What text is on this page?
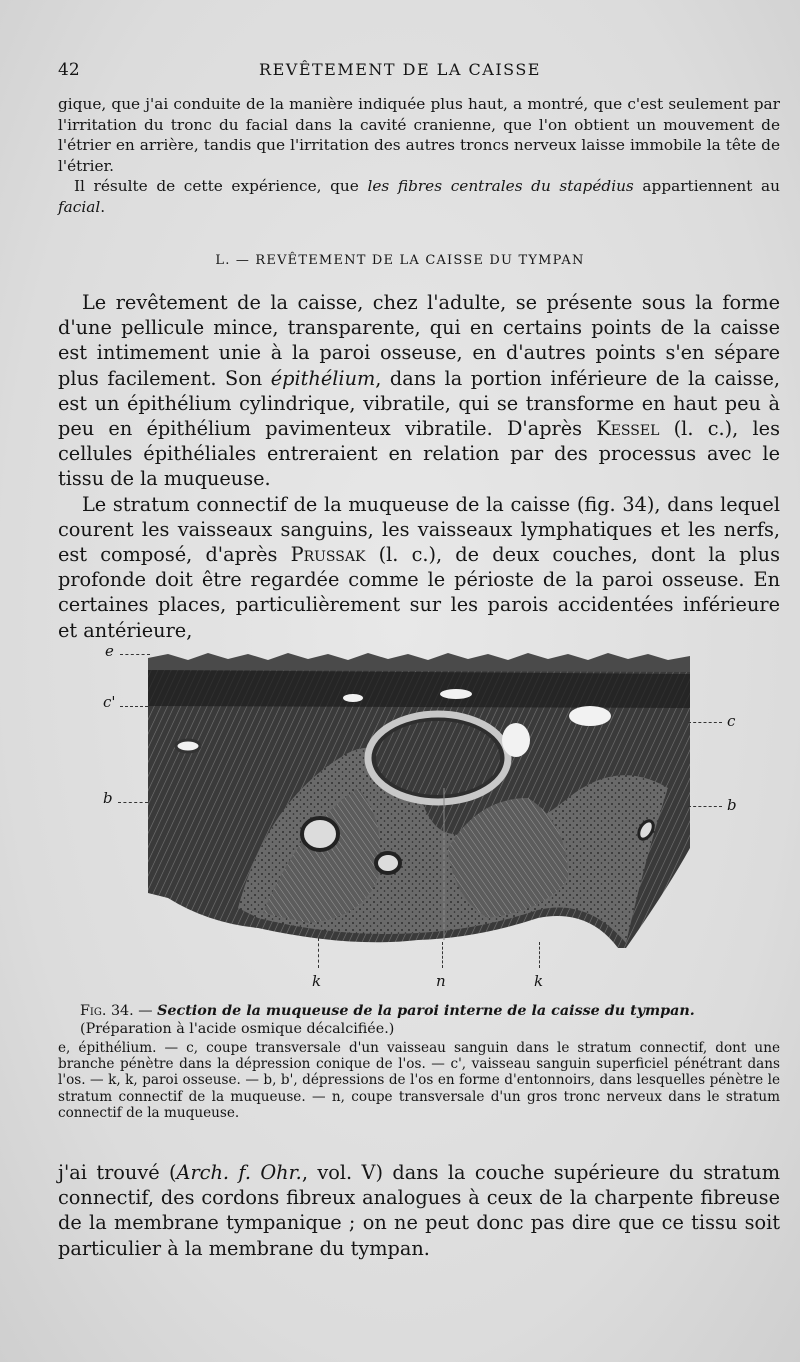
42	REVÊTEMENT DE LA CAISSE

gique, que j'ai conduite de la manière indiquée plus haut, a montré, que c'est seulement par l'irritation du tronc du facial dans la cavité cranienne, que l'on obtient un mouvement de l'étrier en arrière, tandis que l'irritation des autres troncs nerveux laisse immobile la tête de l'étrier.

Il résulte de cette expérience, que les fibres centrales du stapédius appartiennent au facial.

L. — REVÊTEMENT DE LA CAISSE DU TYMPAN

Le revêtement de la caisse, chez l'adulte, se présente sous la forme d'une pellicule mince, transparente, qui en certains points de la caisse est intimement unie à la paroi osseuse, en d'autres points s'en sépare plus facilement. Son épithélium, dans la portion inférieure de la caisse, est un épithélium cylindrique, vibratile, qui se transforme en haut peu à peu en épithélium pavimenteux vibratile. D'après Kessel (l. c.), les cellules épithéliales entreraient en relation par des processus avec le tissu de la muqueuse.

Le stratum connectif de la muqueuse de la caisse (fig. 34), dans lequel courent les vaisseaux sanguins, les vaisseaux lymphatiques et les nerfs, est composé, d'après Prussak (l. c.), de deux couches, dont la plus profonde doit être regardée comme le périoste de la paroi osseuse. En certaines places, particulièrement sur les parois accidentées inférieure et antérieure,

e
c'
c
b	b
k	n	k
Fig. 34. — Section de la muqueuse de la paroi interne de la caisse du tympan. (Préparation à l'acide osmique décalcifiée.)

e, épithélium. — c, coupe transversale d'un vaisseau sanguin dans le stratum connectif, dont une branche pénètre dans la dépression conique de l'os. — c', vaisseau sanguin superficiel pénétrant dans l'os. — k, k, paroi osseuse. — b, b', dépressions de l'os en forme d'entonnoirs, dans lesquelles pénètre le stratum connectif de la muqueuse. — n, coupe transversale d'un gros tronc nerveux dans le stratum connectif de la muqueuse.

j'ai trouvé (Arch. f. Ohr., vol. V) dans la couche supérieure du stratum connectif, des cordons fibreux analogues à ceux de la charpente fibreuse de la membrane tympanique ; on ne peut donc pas dire que ce tissu soit particulier à la membrane du tympan.
